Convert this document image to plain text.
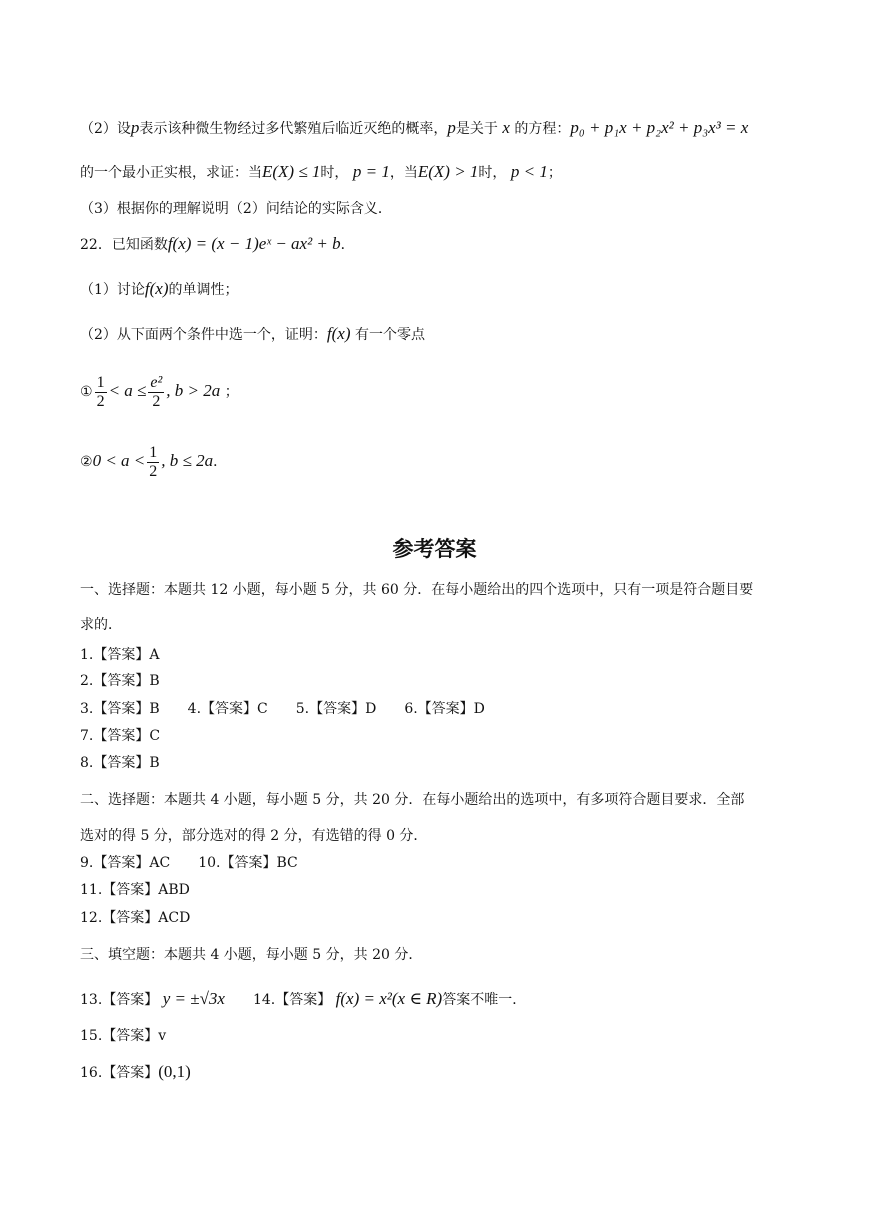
（2）设p表示该种微生物经过多代繁殖后临近灭绝的概率，p是关于 x 的方程：p₀ + p₁x + p₂x² + p₃x³ = x
的一个最小正实根，求证：当E(X) ≤ 1时， p = 1，当E(X) > 1时， p < 1；
（3）根据你的理解说明（2）问结论的实际含义．
22．已知函数f(x) = (x − 1)eˣ − ax² + b．
（1）讨论f(x)的单调性；
（2）从下面两个条件中选一个，证明：f(x) 有一个零点
① $\frac{1}{2} < a \le \frac{\text{e²}}{2}$ , b > 2a ；
②0 < $a < \frac{1}{2}$ , b ≤ 2a．
参考答案
一、选择题：本题共 12 小题，每小题 5 分，共 60 分．在每小题给出的四个选项中，只有一项是符合题目要
求的．
1.【答案】A
2.【答案】B
3.【答案】B 4.【答案】C 5.【答案】D 6.【答案】D
7.【答案】C
8.【答案】B
二、选择题：本题共 4 小题，每小题 5 分，共 20 分．在每小题给出的选项中，有多项符合题目要求．全部
选对的得 5 分，部分选对的得 2 分，有选错的得 0 分．
9.【答案】AC 10.【答案】BC
11.【答案】ABD
12.【答案】ACD
三、填空题：本题共 4 小题，每小题 5 分，共 20 分．
13.【答案】 y = ±√3x 14.【答案】 f(x) = x²(x ∈ R)答案不唯一．
15.【答案】v
16.【答案】(0,1)
